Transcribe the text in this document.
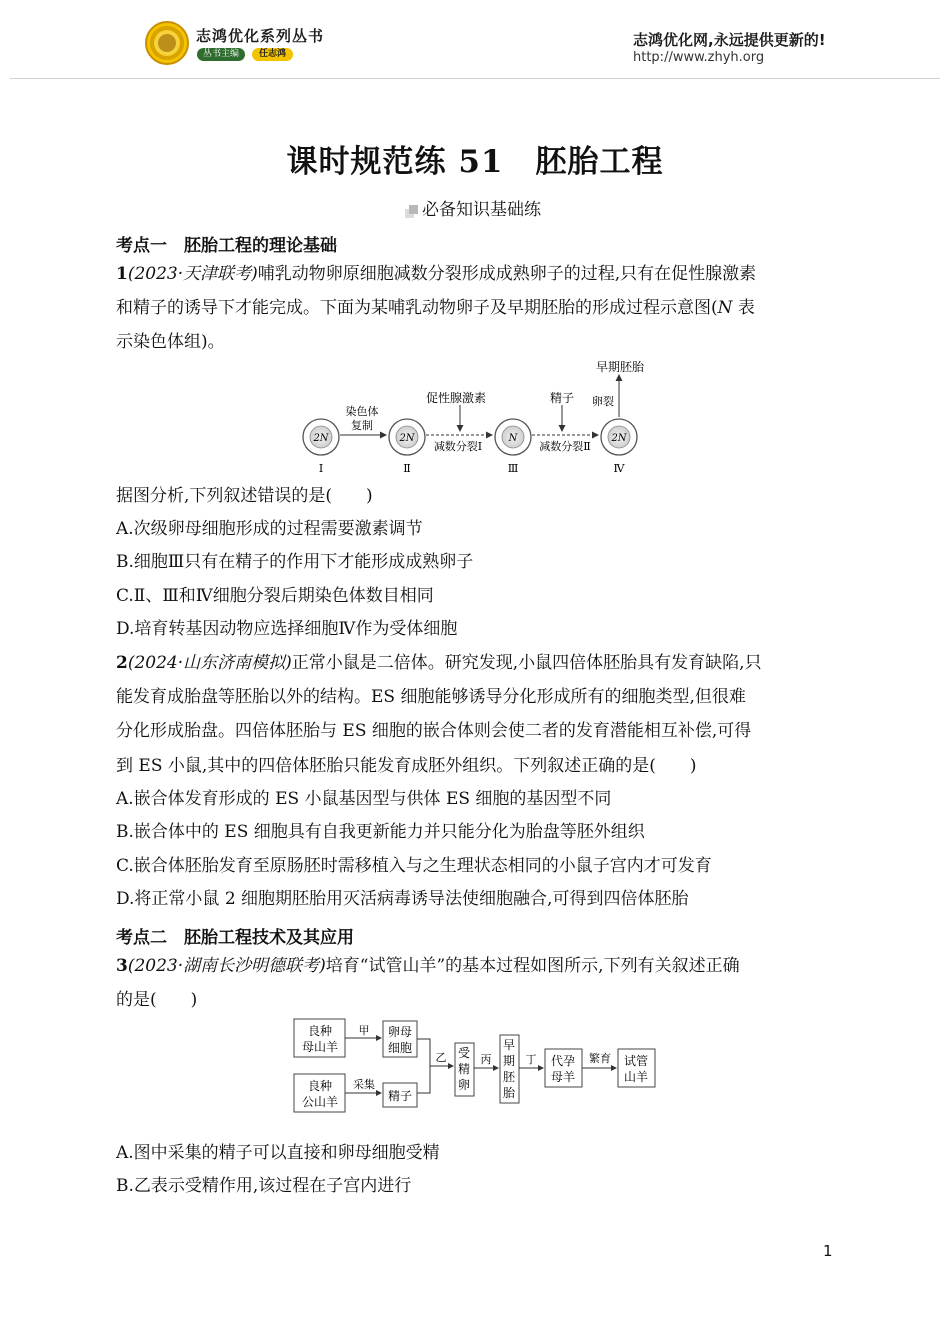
志鸿优化系列丛书
丛书主编	任志鸿
志鸿优化网,永远提供更新的!
http://www.zhyh.org
课时规范练 51　胚胎工程
必备知识基础练
考点一　胚胎工程的理论基础
1(2023·天津联考)哺乳动物卵原细胞减数分裂形成成熟卵子的过程,只有在促性腺激素
和精子的诱导下才能完成。下面为某哺乳动物卵子及早期胚胎的形成过程示意图(N 表
示染色体组)。
2N
Ⅰ
2N
Ⅱ
N
Ⅲ
2N
Ⅳ
染色体
复制
促性腺激素	精子 卵裂
早期胚胎
减数分裂Ⅰ	减数分裂Ⅱ
据图分析,下列叙述错误的是(　　)
A.次级卵母细胞形成的过程需要激素调节
B.细胞Ⅲ只有在精子的作用下才能形成成熟卵子
C.Ⅱ、Ⅲ和Ⅳ细胞分裂后期染色体数目相同
D.培育转基因动物应选择细胞Ⅳ作为受体细胞
2(2024·山东济南模拟)正常小鼠是二倍体。研究发现,小鼠四倍体胚胎具有发育缺陷,只
能发育成胎盘等胚胎以外的结构。ES 细胞能够诱导分化形成所有的细胞类型,但很难
分化形成胎盘。四倍体胚胎与 ES 细胞的嵌合体则会使二者的发育潜能相互补偿,可得
到 ES 小鼠,其中的四倍体胚胎只能发育成胚外组织。下列叙述正确的是(　　)
A.嵌合体发育形成的 ES 小鼠基因型与供体 ES 细胞的基因型不同
B.嵌合体中的 ES 细胞具有自我更新能力并只能分化为胎盘等胚外组织
C.嵌合体胚胎发育至原肠胚时需移植入与之生理状态相同的小鼠子宫内才可发育
D.将正常小鼠 2 细胞期胚胎用灭活病毒诱导法使细胞融合,可得到四倍体胚胎
考点二　胚胎工程技术及其应用
3(2023·湖南长沙明德联考)培育“试管山羊”的基本过程如图所示,下列有关叙述正确
的是(　　)
良种
母山羊
良种
公山羊
甲
采集
卵母
细胞
精子
乙 受
精
卵
丙
早
期
胚
胎
丁 代孕
母羊
繁育 试管
山羊
A.图中采集的精子可以直接和卵母细胞受精
B.乙表示受精作用,该过程在子宫内进行
1
